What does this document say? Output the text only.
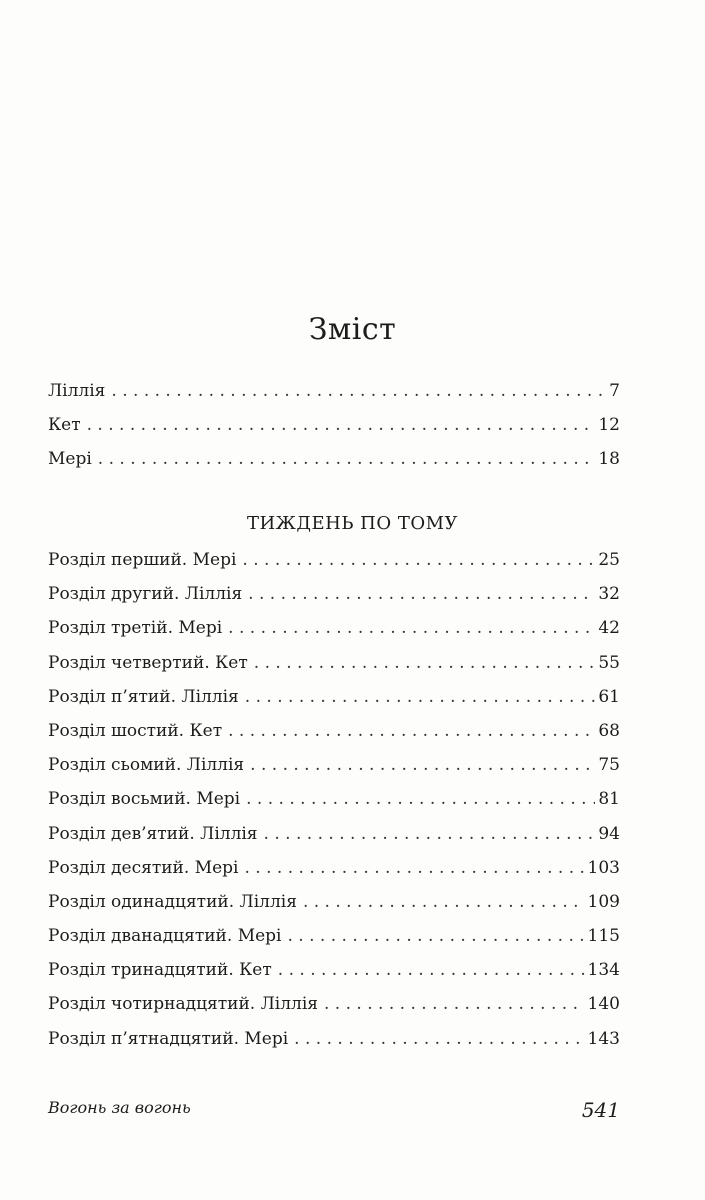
Зміст
Ліллія . . .	7
Кет . . .	12
Мері . . .	18
ТИЖДЕНЬ ПО ТОМУ
Розділ перший. Мері . . .	25
Розділ другий. Ліллія . . .	32
Розділ третій. Мері . . .	42
Розділ четвертий. Кет . . .	55
Розділ п’ятий. Ліллія . . .	61
Розділ шостий. Кет . . .	68
Розділ сьомий. Ліллія . . .	75
Розділ восьмий. Мері . . .	81
Розділ дев’ятий. Ліллія . . .	94
Розділ десятий. Мері . . .	103
Розділ одинадцятий. Ліллія . . .	109
Розділ дванадцятий. Мері . . .	115
Розділ тринадцятий. Кет . . .	134
Розділ чотирнадцятий. Ліллія . . .	140
Розділ п’ятнадцятий. Мері . . .	143
Вогонь за вогонь	541
